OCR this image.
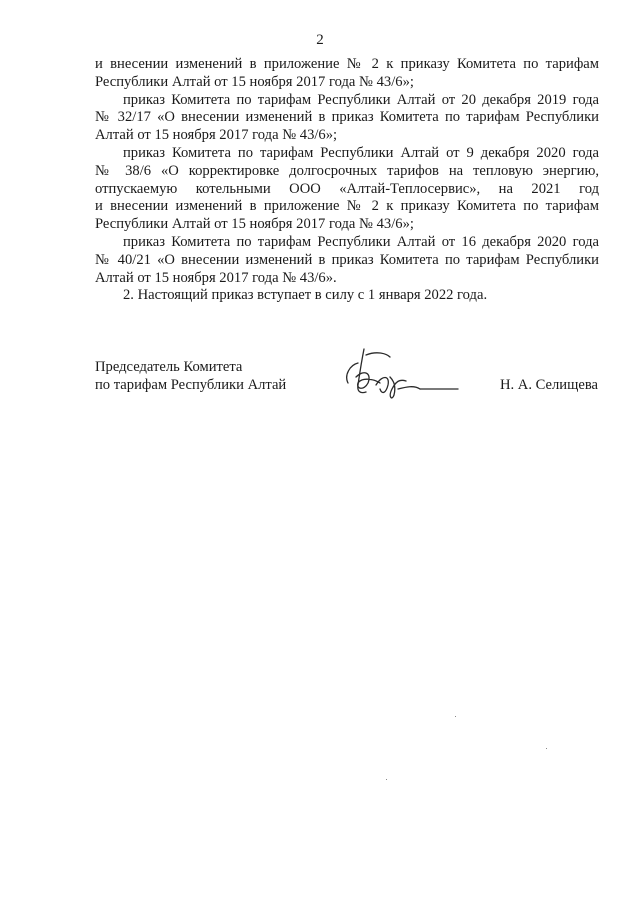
2
и внесении изменений в приложение № 2 к приказу Комитета по тарифам
Республики Алтай от 15 ноября 2017 года № 43/6»;
приказ Комитета по тарифам Республики Алтай от 20 декабря 2019 года
№ 32/17 «О внесении изменений в приказ Комитета по тарифам Республики
Алтай от 15 ноября 2017 года № 43/6»;
приказ Комитета по тарифам Республики Алтай от 9 декабря 2020 года
№ 38/6 «О корректировке долгосрочных тарифов на тепловую энергию,
отпускаемую котельными ООО «Алтай-Теплосервис», на 2021 год
и внесении изменений в приложение № 2 к приказу Комитета по тарифам
Республики Алтай от 15 ноября 2017 года № 43/6»;
приказ Комитета по тарифам Республики Алтай от 16 декабря 2020 года
№ 40/21 «О внесении изменений в приказ Комитета по тарифам Республики
Алтай от 15 ноября 2017 года № 43/6».
2. Настоящий приказ вступает в силу с 1 января 2022 года.
Председатель Комитета
по тарифам Республики Алтай	Н. А. Селищева
